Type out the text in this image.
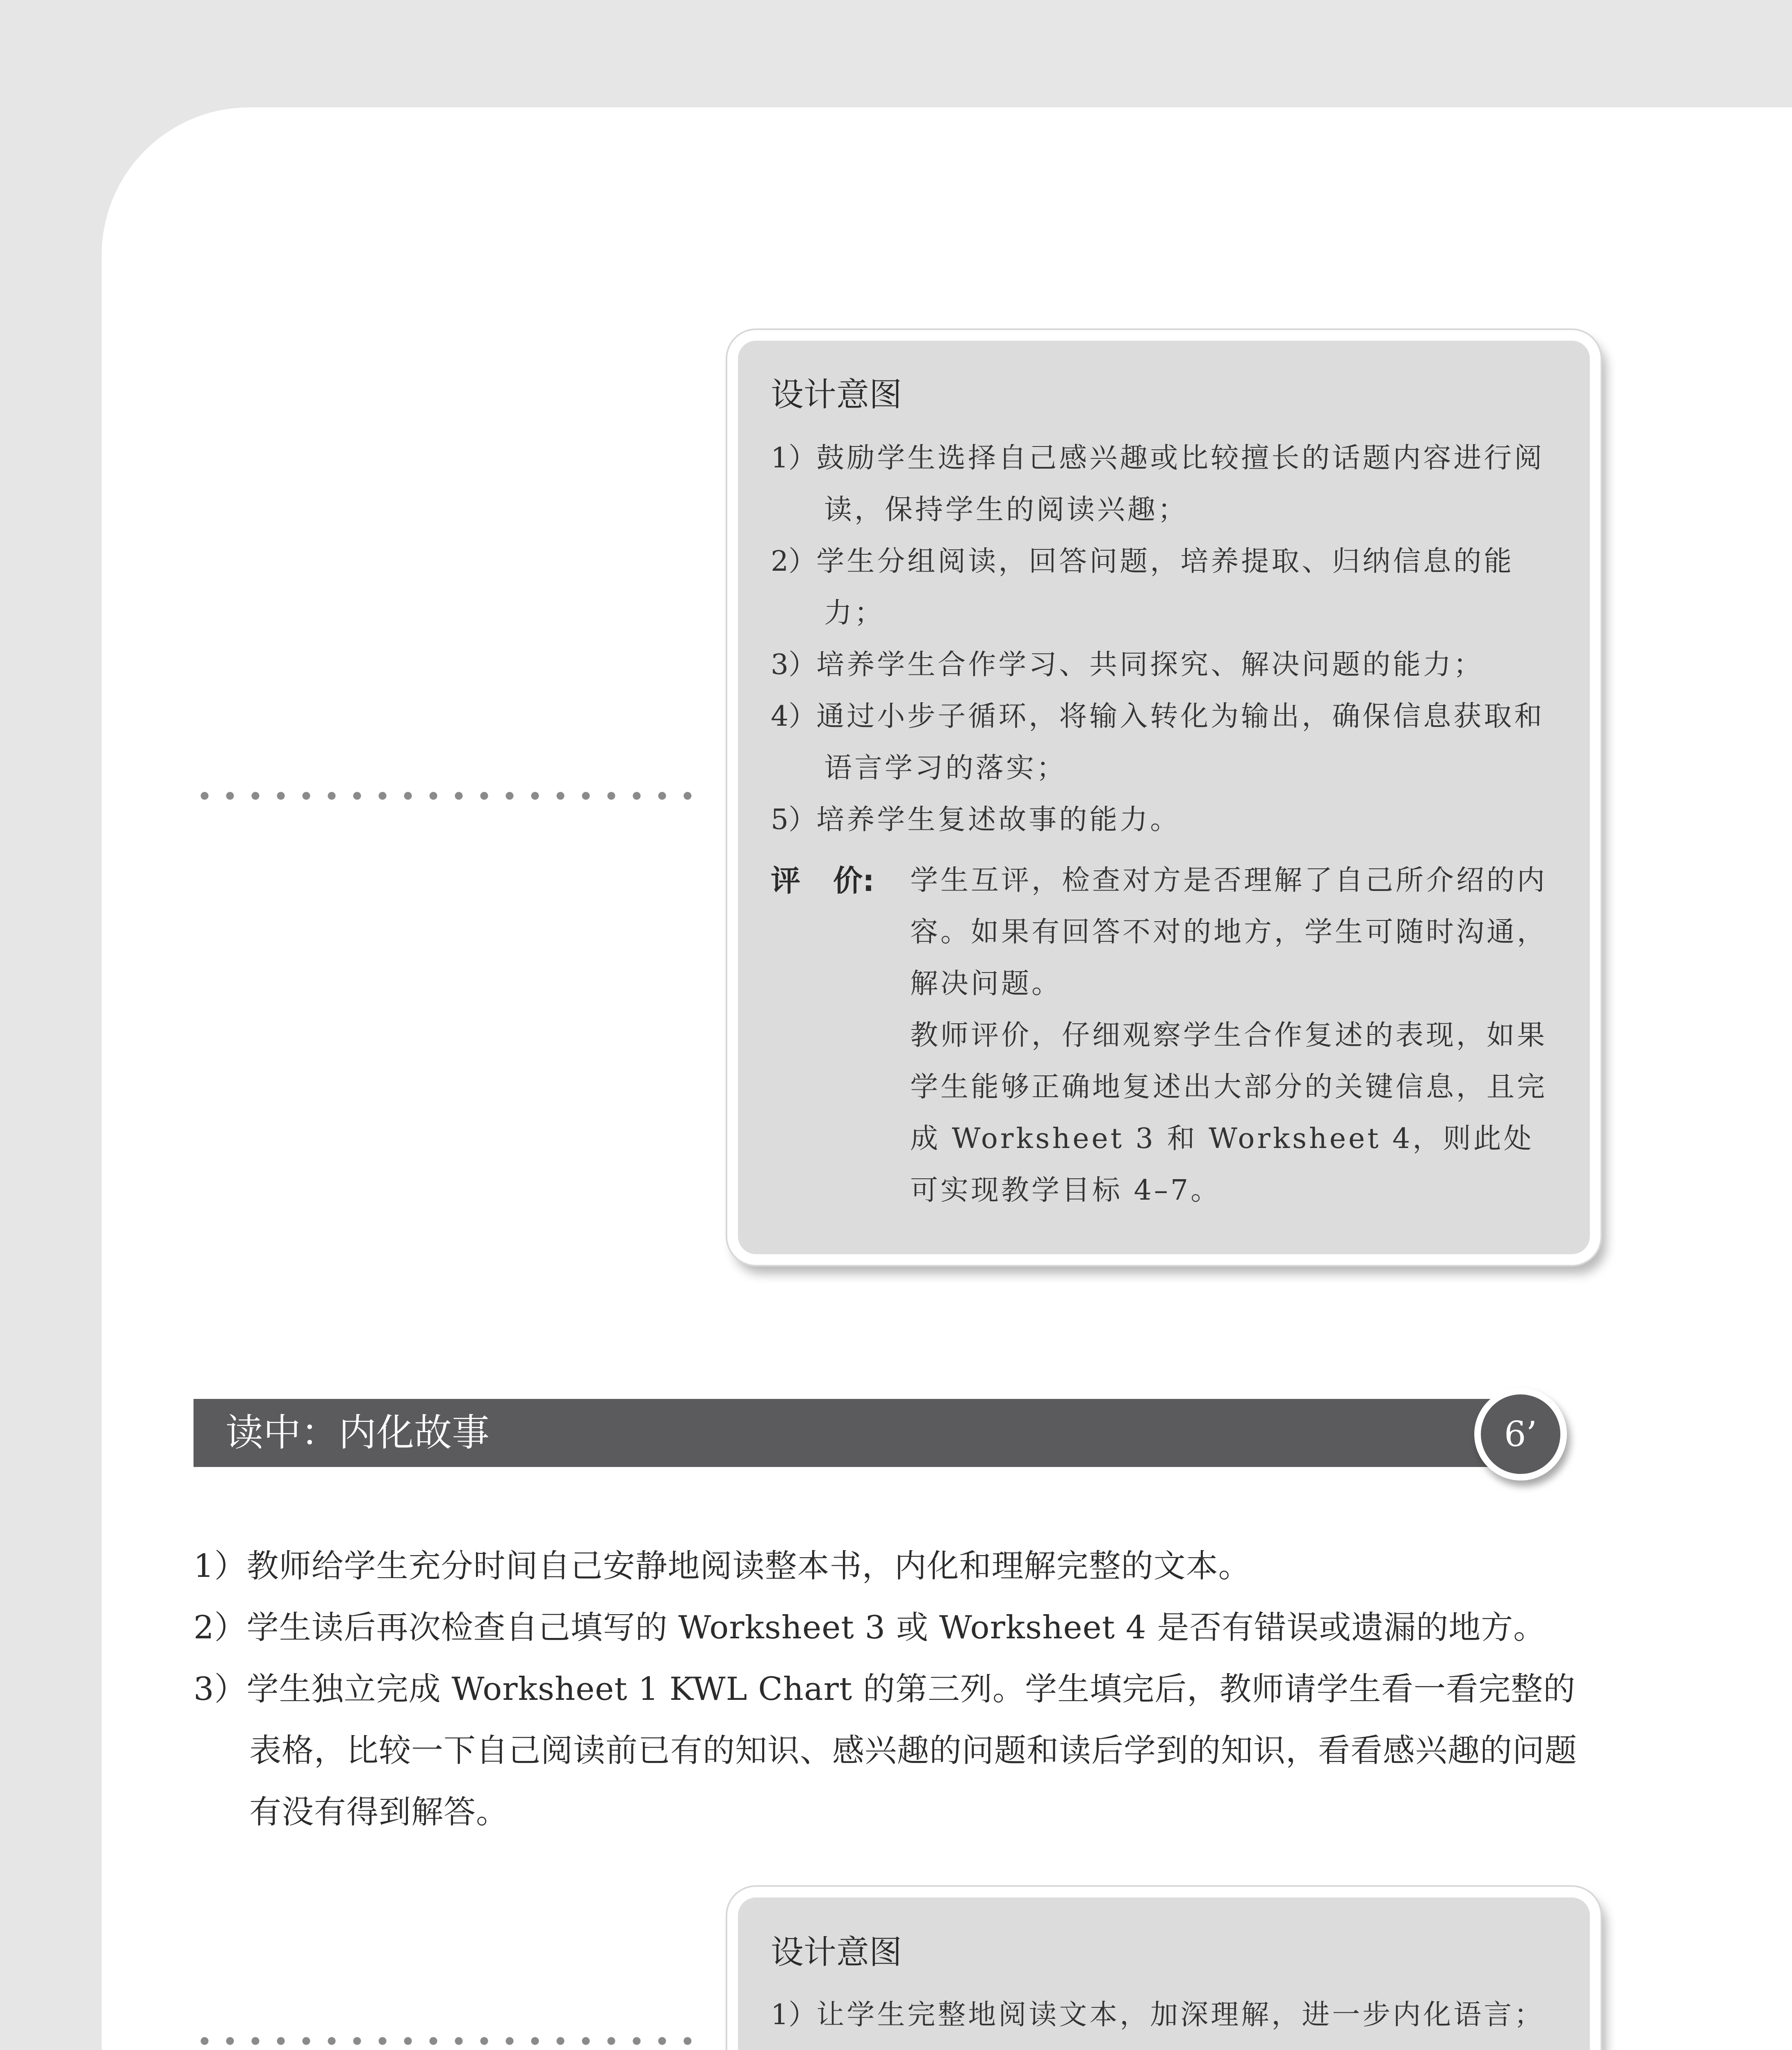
设计意图
1）鼓励学生选择自己感兴趣或比较擅长的话题内容进行阅读，保持学生的阅读兴趣；
2）学生分组阅读，回答问题，培养提取、归纳信息的能力；
3）培养学生合作学习、共同探究、解决问题的能力；
4）通过小步子循环，将输入转化为输出，确保信息获取和语言学习的落实；
5）培养学生复述故事的能力。
评 价: 学生互评，检查对方是否理解了自己所介绍的内容。如果有回答不对的地方，学生可随时沟通，解决问题。
教师评价，仔细观察学生合作复述的表现，如果学生能够正确地复述出大部分的关键信息，且完成 Worksheet 3 和 Worksheet 4，则此处可实现教学目标 4–7。
读中：内化故事	6’
1）教师给学生充分时间自己安静地阅读整本书，内化和理解完整的文本。
2）学生读后再次检查自己填写的 Worksheet 3 或 Worksheet 4 是否有错误或遗漏的地方。
3）学生独立完成 Worksheet 1 KWL Chart 的第三列。学生填完后，教师请学生看一看完整的表格，比较一下自己阅读前已有的知识、感兴趣的问题和读后学到的知识，看看感兴趣的问题有没有得到解答。
设计意图
1）让学生完整地阅读文本，加深理解，进一步内化语言；
